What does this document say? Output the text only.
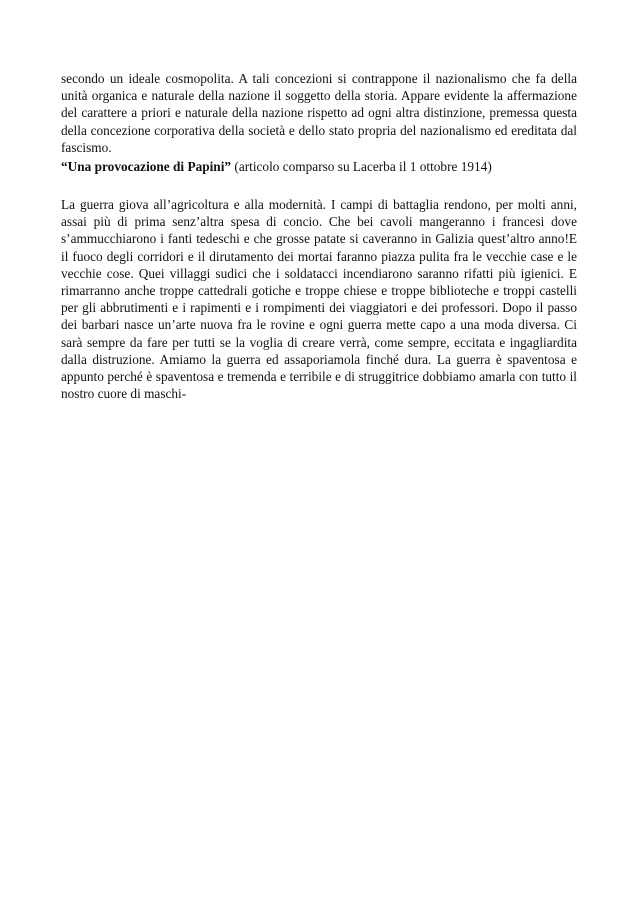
secondo un ideale cosmopolita. A tali concezioni si contrappone il nazionalismo che fa della unità organica e naturale della nazione il soggetto della storia. Appare evidente la affermazione del carattere a priori e naturale della nazione rispetto ad ogni altra distinzione, premessa questa della concezione corporativa della società e dello stato propria del nazionalismo ed ereditata dal fascismo.

“Una provocazione di Papini” (articolo comparso su Lacerba il 1 ottobre 1914)

La guerra giova all’agricoltura e alla modernità. I campi di battaglia rendono, per molti anni, assai più di prima senz’altra spesa di concio. Che bei cavoli mangeranno i francesi dove s’ammucchiarono i fanti tedeschi e che grosse patate si caveranno in Galizia quest’altro anno!E il fuoco degli corridori e il dirutamento dei mortai faranno piazza pulita fra le vecchie case e le vecchie cose. Quei villaggi sudici che i soldatacci incendiarono saranno rifatti più igienici. E rimarranno anche troppe cattedrali gotiche e troppe chiese e troppe biblioteche e troppi castelli per gli abbrutimenti e i rapimenti e i rompimenti dei viaggiatori e dei professori. Dopo il passo dei barbari nasce un’arte nuova fra le rovine e ogni guerra mette capo a una moda diversa. Ci sarà sempre da fare per tutti se la voglia di creare verrà, come sempre, eccitata e ingagliardita dalla distruzione. Amiamo la guerra ed assaporiamola finché dura. La guerra è spaventosa e appunto perché è spaventosa e tremenda e terribile e di struggitrice dobbiamo amarla con tutto il nostro cuore di maschi-
